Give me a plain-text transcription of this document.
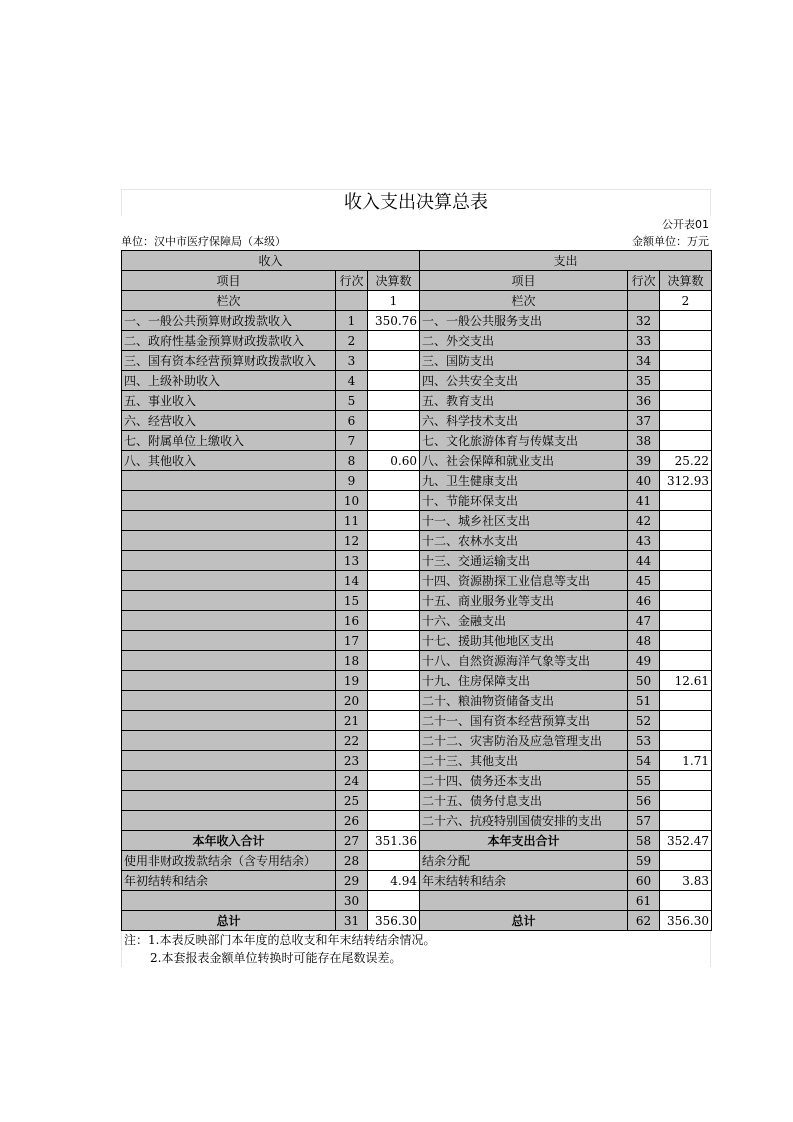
收入支出决算总表
公开表01
单位：汉中市医疗保障局（本级）	金额单位：万元
收入			支出		
项目	行次	决算数	项目	行次	决算数
栏次		1	栏次		2
一、一般公共预算财政拨款收入	1	350.76	一、一般公共服务支出	32	
二、政府性基金预算财政拨款收入	2		二、外交支出	33	
三、国有资本经营预算财政拨款收入	3		三、国防支出	34	
四、上级补助收入	4		四、公共安全支出	35	
五、事业收入	5		五、教育支出	36	
六、经营收入	6		六、科学技术支出	37	
七、附属单位上缴收入	7		七、文化旅游体育与传媒支出	38	
八、其他收入	8	0.60	八、社会保障和就业支出	39	25.22
	9		九、卫生健康支出	40	312.93
	10		十、节能环保支出	41	
	11		十一、城乡社区支出	42	
	12		十二、农林水支出	43	
	13		十三、交通运输支出	44	
	14		十四、资源勘探工业信息等支出	45	
	15		十五、商业服务业等支出	46	
	16		十六、金融支出	47	
	17		十七、援助其他地区支出	48	
	18		十八、自然资源海洋气象等支出	49	
	19		十九、住房保障支出	50	12.61
	20		二十、粮油物资储备支出	51	
	21		二十一、国有资本经营预算支出	52	
	22		二十二、灾害防治及应急管理支出	53	
	23		二十三、其他支出	54	1.71
	24		二十四、债务还本支出	55	
	25		二十五、债务付息支出	56	
	26		二十六、抗疫特别国债安排的支出	57	
本年收入合计	27	351.36	本年支出合计	58	352.47
使用非财政拨款结余（含专用结余）	28		结余分配	59	
年初结转和结余	29	4.94	年末结转和结余	60	3.83
	30			61	
总计	31	356.30	总计	62	356.30
注：1.本表反映部门本年度的总收支和年末结转结余情况。
2.本套报表金额单位转换时可能存在尾数误差。
